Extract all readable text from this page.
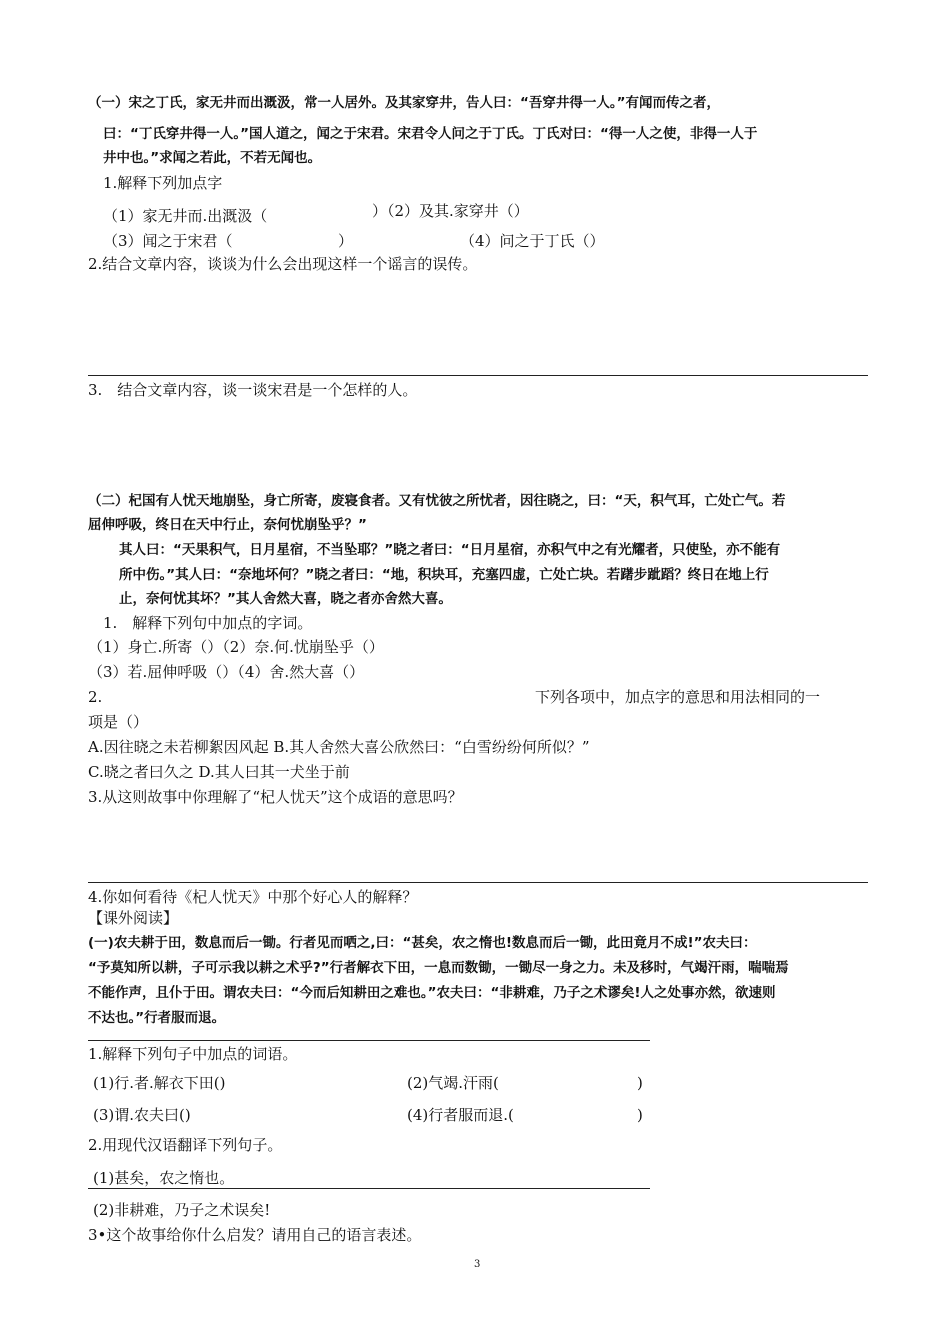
（一）宋之丁氏，家无井而出溉汲，常一人居外。及其家穿井，告人曰：“吾穿井得一人。”有闻而传之者，
曰：“丁氏穿井得一人。”国人道之，闻之于宋君。宋君令人问之于丁氏。丁氏对曰：“得一人之使，非得一人于
井中也。”求闻之若此，不若无闻也。
1.解释下列加点字
（1）家无井而.出溉汲（	）（2）及其.家穿井（）
（3）闻之于宋君（	）	（4）问之于丁氏（）
2.结合文章内容，谈谈为什么会出现这样一个谣言的误传。
3.　结合文章内容，谈一谈宋君是一个怎样的人。
（二）杞国有人忧天地崩坠，身亡所寄，废寝食者。又有忧彼之所忧者，因往晓之，曰：“天，积气耳，亡处亡气。若
屈伸呼吸，终日在天中行止，奈何忧崩坠乎？”
其人曰：“天果积气，日月星宿，不当坠耶？”晓之者曰：“日月星宿，亦积气中之有光耀者，只使坠，亦不能有
所中伤。”其人曰：“奈地坏何？”晓之者曰：“地，积块耳，充塞四虚，亡处亡块。若躇步跐蹈？终日在地上行
止，奈何忧其坏？”其人舍然大喜，晓之者亦舍然大喜。
1.　解释下列句中加点的字词。
（1）身亡.所寄（）（2）奈.何.忧崩坠乎（）
（3）若.屈伸呼吸（）（4）舍.然大喜（）
2.	下列各项中，加点字的意思和用法相同的一
项是（）
A.因往晓之未若柳絮因风起 B.其人舍然大喜公欣然曰：“白雪纷纷何所似？”
C.晓之者曰久之 D.其人曰其一犬坐于前
3.从这则故事中你理解了“杞人忧天”这个成语的意思吗？
4.你如何看待《杞人忧天》中那个好心人的解释？
【课外阅读】
(一)农夫耕于田，数息而后一锄。行者见而哂之,曰：“甚矣，农之惰也!数息而后一锄，此田竟月不成!”农夫曰：
“予莫知所以耕，子可示我以耕之术乎?”行者解衣下田，一息而数锄，一锄尽一身之力。未及移时，气竭汗雨，喘喘焉
不能作声，且仆于田。谓农夫曰：“今而后知耕田之难也。”农夫曰：“非耕难，乃子之术谬矣!人之处事亦然，欲速则
不达也。”行者服而退。
1.解释下列句子中加点的词语。
(1)行.者.解衣下田()	(2)气竭.汗雨(	)
(3)谓.农夫曰()	(4)行者服而退.(	)
2.用现代汉语翻译下列句子。
(1)甚矣，农之惰也。
(2)非耕难，乃子之术误矣!
3•这个故事给你什么启发？请用自己的语言表述。
3
